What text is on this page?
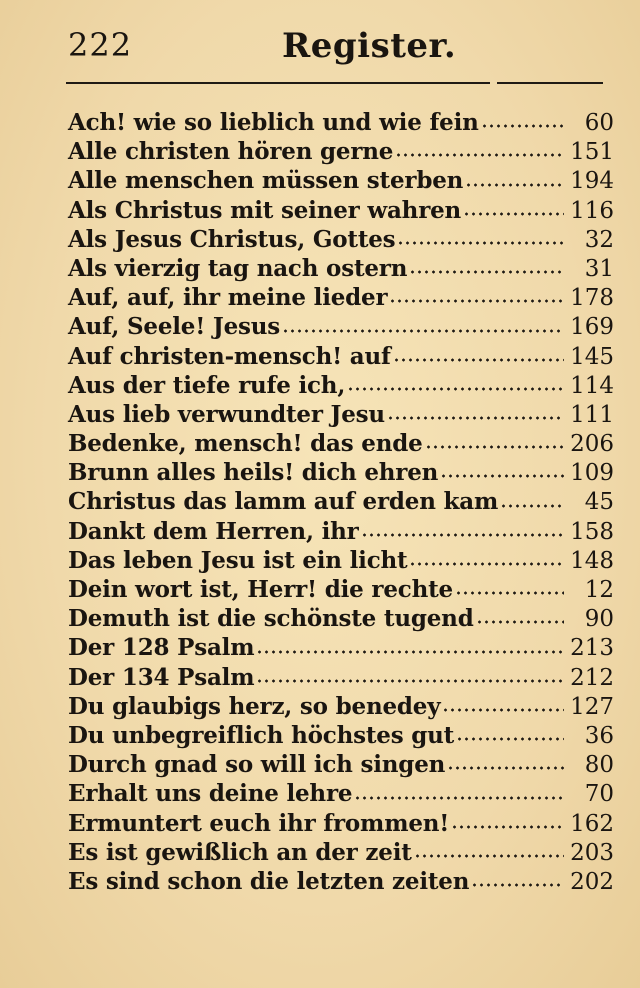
222	Register.
Ach! wie so lieblich und wie fein	60
Alle christen hören gerne	151
Alle menschen müssen sterben	194
Als Christus mit seiner wahren	116
Als Jesus Christus, Gottes	32
Als vierzig tag nach ostern	31
Auf, auf, ihr meine lieder	178
Auf, Seele! Jesus	169
Auf christen-mensch! auf	145
Aus der tiefe rufe ich,	114
Aus lieb verwundter Jesu	111
Bedenke, mensch! das ende	206
Brunn alles heils! dich ehren	109
Christus das lamm auf erden kam	45
Dankt dem Herren, ihr	158
Das leben Jesu ist ein licht	148
Dein wort ist, Herr! die rechte	12
Demuth ist die schönste tugend	90
Der 128 Psalm	213
Der 134 Psalm	212
Du glaubigs herz, so benedey	127
Du unbegreiflich höchstes gut	36
Durch gnad so will ich singen	80
Erhalt uns deine lehre	70
Ermuntert euch ihr frommen!	162
Es ist gewißlich an der zeit	203
Es sind schon die letzten zeiten	202
